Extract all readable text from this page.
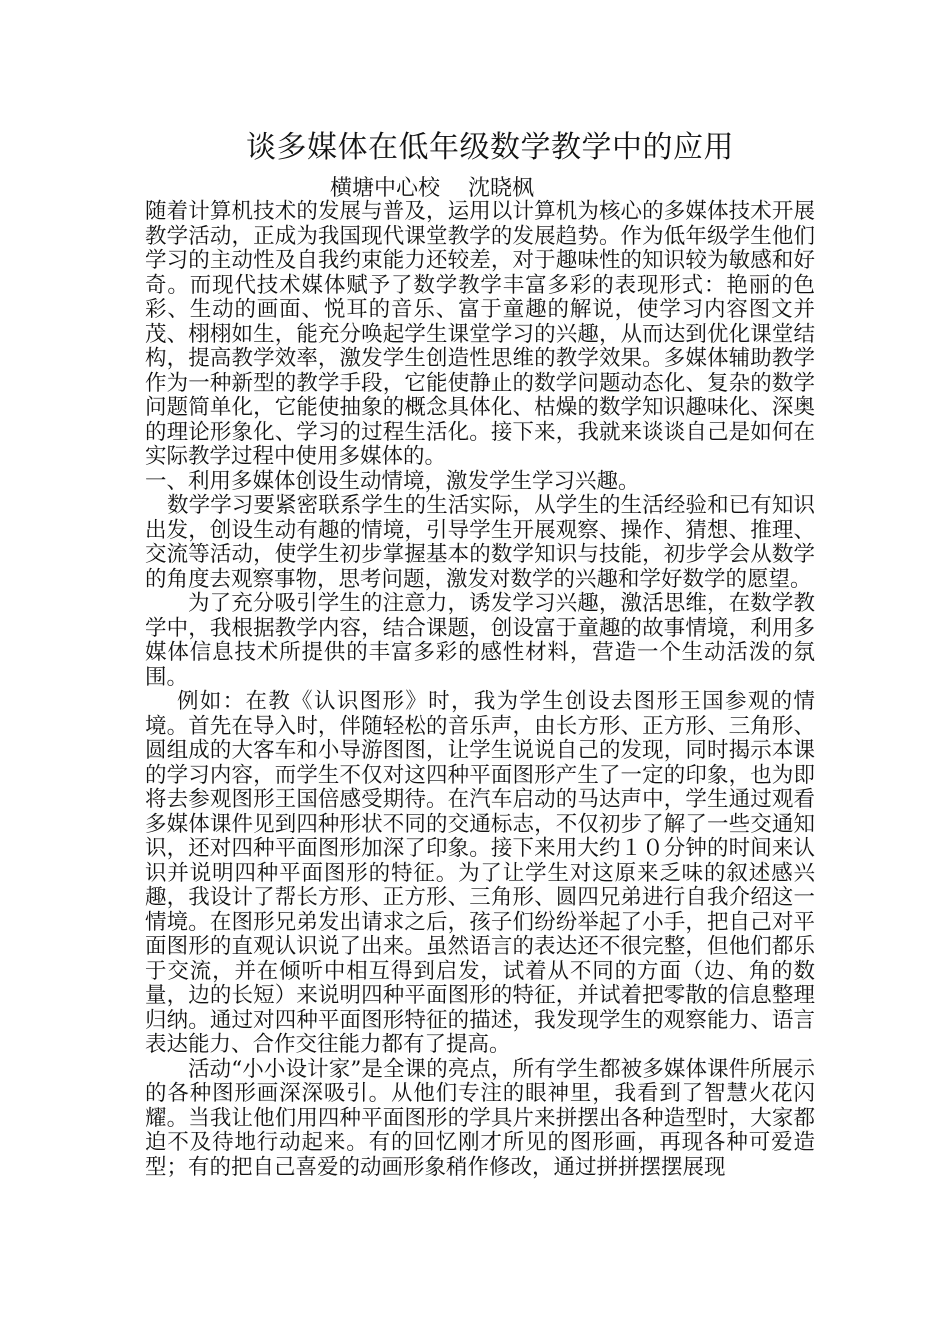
谈多媒体在低年级数学教学中的应用
横塘中心校    沈晓枫

随着计算机技术的发展与普及，运用以计算机为核心的多媒体技术开展教学活动，正成为我国现代课堂教学的发展趋势。作为低年级学生他们学习的主动性及自我约束能力还较差，对于趣味性的知识较为敏感和好奇。而现代技术媒体赋予了数学教学丰富多彩的表现形式：艳丽的色彩、生动的画面、悦耳的音乐、富于童趣的解说，使学习内容图文并茂、栩栩如生，能充分唤起学生课堂学习的兴趣，从而达到优化课堂结构，提高教学效率，激发学生创造性思维的教学效果。多媒体辅助教学作为一种新型的教学手段，它能使静止的数学问题动态化、复杂的数学问题简单化，它能使抽象的概念具体化、枯燥的数学知识趣味化、深奥的理论形象化、学习的过程生活化。接下来，我就来谈谈自己是如何在实际教学过程中使用多媒体的。

一、利用多媒体创设生动情境，激发学生学习兴趣。

数学学习要紧密联系学生的生活实际，从学生的生活经验和已有知识出发，创设生动有趣的情境，引导学生开展观察、操作、猜想、推理、交流等活动，使学生初步掌握基本的数学知识与技能，初步学会从数学的角度去观察事物，思考问题，激发对数学的兴趣和学好数学的愿望。

为了充分吸引学生的注意力，诱发学习兴趣，激活思维，在数学教学中，我根据教学内容，结合课题，创设富于童趣的故事情境，利用多媒体信息技术所提供的丰富多彩的感性材料，营造一个生动活泼的氛围。

例如：在教《认识图形》时，我为学生创设去图形王国参观的情境。首先在导入时，伴随轻松的音乐声，由长方形、正方形、三角形、圆组成的大客车和小导游图图，让学生说说自己的发现，同时揭示本课的学习内容，而学生不仅对这四种平面图形产生了一定的印象，也为即将去参观图形王国倍感受期待。在汽车启动的马达声中，学生通过观看多媒体课件见到四种形状不同的交通标志，不仅初步了解了一些交通知识，还对四种平面图形加深了印象。接下来用大约１０分钟的时间来认识并说明四种平面图形的特征。为了让学生对这原来乏味的叙述感兴趣，我设计了帮长方形、正方形、三角形、圆四兄弟进行自我介绍这一情境。在图形兄弟发出请求之后，孩子们纷纷举起了小手，把自己对平面图形的直观认识说了出来。虽然语言的表达还不很完整，但他们都乐于交流，并在倾听中相互得到启发，试着从不同的方面（边、角的数量，边的长短）来说明四种平面图形的特征，并试着把零散的信息整理归纳。通过对四种平面图形特征的描述，我发现学生的观察能力、语言表达能力、合作交往能力都有了提高。

活动“小小设计家”是全课的亮点，所有学生都被多媒体课件所展示的各种图形画深深吸引。从他们专注的眼神里，我看到了智慧火花闪耀。当我让他们用四种平面图形的学具片来拼摆出各种造型时，大家都迫不及待地行动起来。有的回忆刚才所见的图形画，再现各种可爱造型；有的把自己喜爱的动画形象稍作修改，通过拼拼摆摆展现
